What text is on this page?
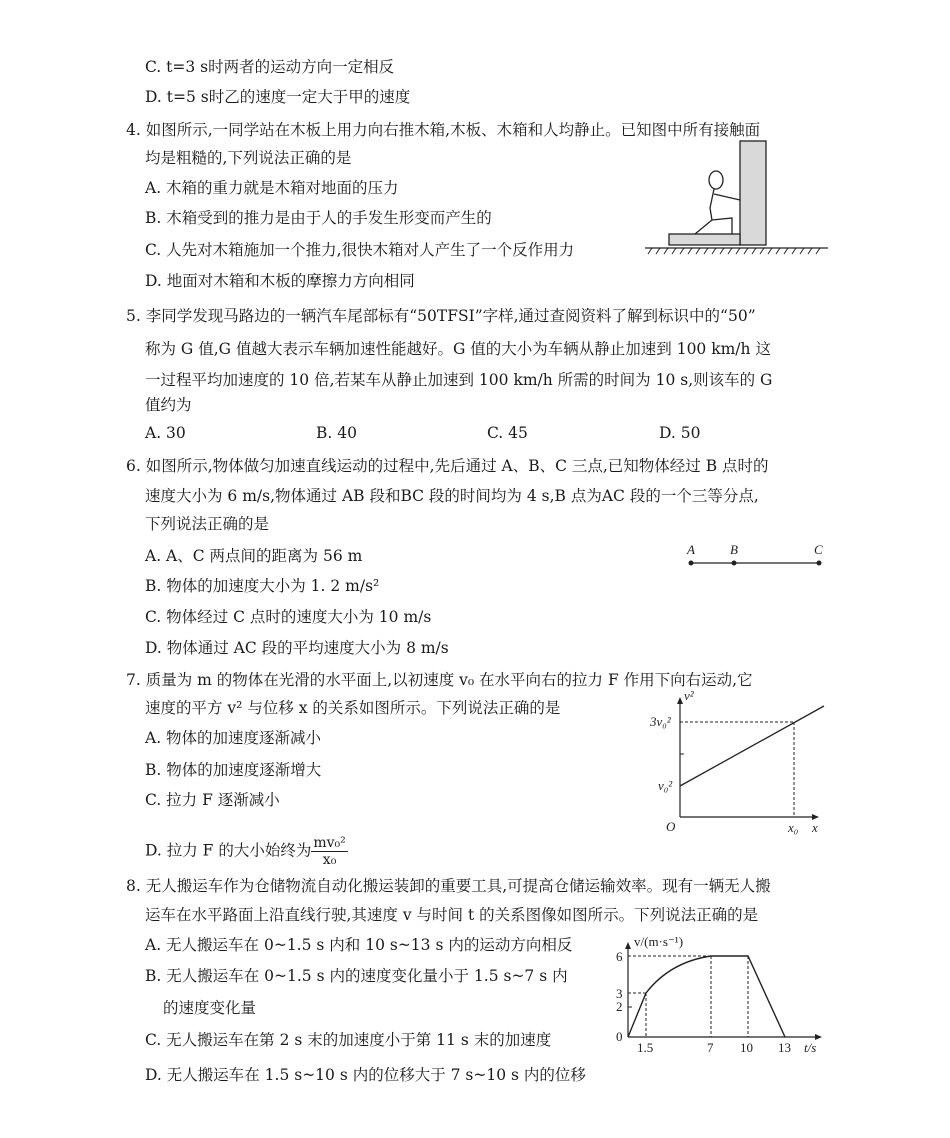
C. t=3 s时两者的运动方向一定相反
D. t=5 s时乙的速度一定大于甲的速度
4. 如图所示,一同学站在木板上用力向右推木箱,木板、木箱和人均静止。已知图中所有接触面
均是粗糙的,下列说法正确的是
A. 木箱的重力就是木箱对地面的压力
B. 木箱受到的推力是由于人的手发生形变而产生的
C. 人先对木箱施加一个推力,很快木箱对人产生了一个反作用力
D. 地面对木箱和木板的摩擦力方向相同
5. 李同学发现马路边的一辆汽车尾部标有“50TFSI”字样,通过查阅资料了解到标识中的“50”
称为 G 值,G 值越大表示车辆加速性能越好。G 值的大小为车辆从静止加速到 100 km/h 这
一过程平均加速度的 10 倍,若某车从静止加速到 100 km/h 所需的时间为 10 s,则该车的 G
值约为
A. 30	B. 40	C. 45	D. 50
6. 如图所示,物体做匀加速直线运动的过程中,先后通过 A、B、C 三点,已知物体经过 B 点时的
速度大小为 6 m/s,物体通过 AB 段和BC 段的时间均为 4 s,B 点为AC 段的一个三等分点,
下列说法正确的是
A. A、C 两点间的距离为 56 m
B. 物体的加速度大小为 1. 2 m/s²
C. 物体经过 C 点时的速度大小为 10 m/s
D. 物体通过 AC 段的平均速度大小为 8 m/s
A	B	C
7. 质量为 m 的物体在光滑的水平面上,以初速度 v₀ 在水平向右的拉力 F 作用下向右运动,它
速度的平方 v² 与位移 x 的关系如图所示。下列说法正确的是
A. 物体的加速度逐渐减小
B. 物体的加速度逐渐增大
C. 拉力 F 逐渐减小
D. 拉力 F 的大小始终为 $\frac{\text{mv₀²}}{\text{x₀}}$
v²
3v₀²
v₀²
O	x₀ x
8. 无人搬运车作为仓储物流自动化搬运装卸的重要工具,可提高仓储运输效率。现有一辆无人搬
运车在水平路面上沿直线行驶,其速度 v 与时间 t 的关系图像如图所示。下列说法正确的是
A. 无人搬运车在 0~1.5 s 内和 10 s~13 s 内的运动方向相反
B. 无人搬运车在 0~1.5 s 内的速度变化量小于 1.5 s~7 s 内
的速度变化量
C. 无人搬运车在第 2 s 末的加速度小于第 11 s 末的加速度
D. 无人搬运车在 1.5 s~10 s 内的位移大于 7 s~10 s 内的位移
v/(m·s⁻¹)
6
3
2
0
1.5	7 10 13 t/s
